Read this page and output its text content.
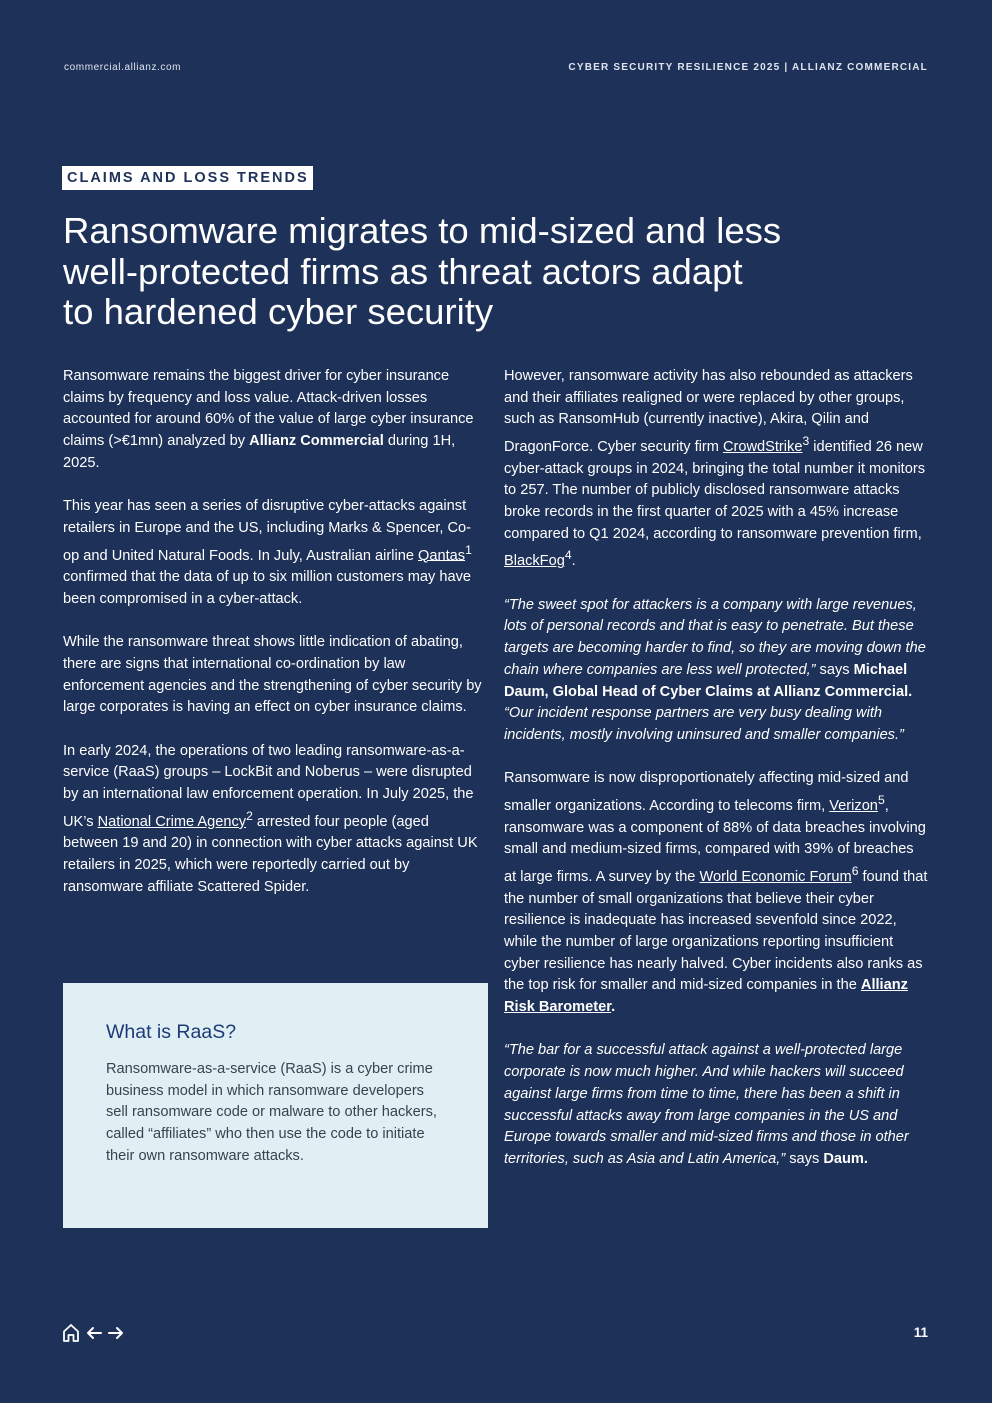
commercial.allianz.com	CYBER SECURITY RESILIENCE 2025 | ALLIANZ COMMERCIAL
CLAIMS AND LOSS TRENDS
Ransomware migrates to mid-sized and less well-protected firms as threat actors adapt to hardened cyber security

Ransomware remains the biggest driver for cyber insurance claims by frequency and loss value. Attack-driven losses accounted for around 60% of the value of large cyber insurance claims (>€1mn) analyzed by Allianz Commercial during 1H, 2025.

This year has seen a series of disruptive cyber-attacks against retailers in Europe and the US, including Marks & Spencer, Co-op and United Natural Foods. In July, Australian airline Qantas$^1$ confirmed that the data of up to six million customers may have been compromised in a cyber-attack.

While the ransomware threat shows little indication of abating, there are signs that international co-ordination by law enforcement agencies and the strengthening of cyber security by large corporates is having an effect on cyber insurance claims.

In early 2024, the operations of two leading ransomware-as-a-service (RaaS) groups – LockBit and Noberus – were disrupted by an international law enforcement operation. In July 2025, the UK’s National Crime Agency$^2$ arrested four people (aged between 19 and 20) in connection with cyber attacks against UK retailers in 2025, which were reportedly carried out by ransomware affiliate Scattered Spider.

What is RaaS?

Ransomware-as-a-service (RaaS) is a cyber crime business model in which ransomware developers sell ransomware code or malware to other hackers, called “affiliates” who then use the code to initiate their own ransomware attacks.

However, ransomware activity has also rebounded as attackers and their affiliates realigned or were replaced by other groups, such as RansomHub (currently inactive), Akira, Qilin and DragonForce. Cyber security firm CrowdStrike$^3$ identified 26 new cyber-attack groups in 2024, bringing the total number it monitors to 257. The number of publicly disclosed ransomware attacks broke records in the first quarter of 2025 with a 45% increase compared to Q1 2024, according to ransomware prevention firm, BlackFog$^4$.

“The sweet spot for attackers is a company with large revenues, lots of personal records and that is easy to penetrate. But these targets are becoming harder to find, so they are moving down the chain where companies are less well protected,” says Michael Daum, Global Head of Cyber Claims at Allianz Commercial. “Our incident response partners are very busy dealing with incidents, mostly involving uninsured and smaller companies.”

Ransomware is now disproportionately affecting mid-sized and smaller organizations. According to telecoms firm, Verizon$^5$, ransomware was a component of 88% of data breaches involving small and medium-sized firms, compared with 39% of breaches at large firms. A survey by the World Economic Forum$^6$ found that the number of small organizations that believe their cyber resilience is inadequate has increased sevenfold since 2022, while the number of large organizations reporting insufficient cyber resilience has nearly halved. Cyber incidents also ranks as the top risk for smaller and mid-sized companies in the Allianz Risk Barometer.

“The bar for a successful attack against a well-protected large corporate is now much higher. And while hackers will succeed against large firms from time to time, there has been a shift in successful attacks away from large companies in the US and Europe towards smaller and mid-sized firms and those in other territories, such as Asia and Latin America,” says Daum.

11
